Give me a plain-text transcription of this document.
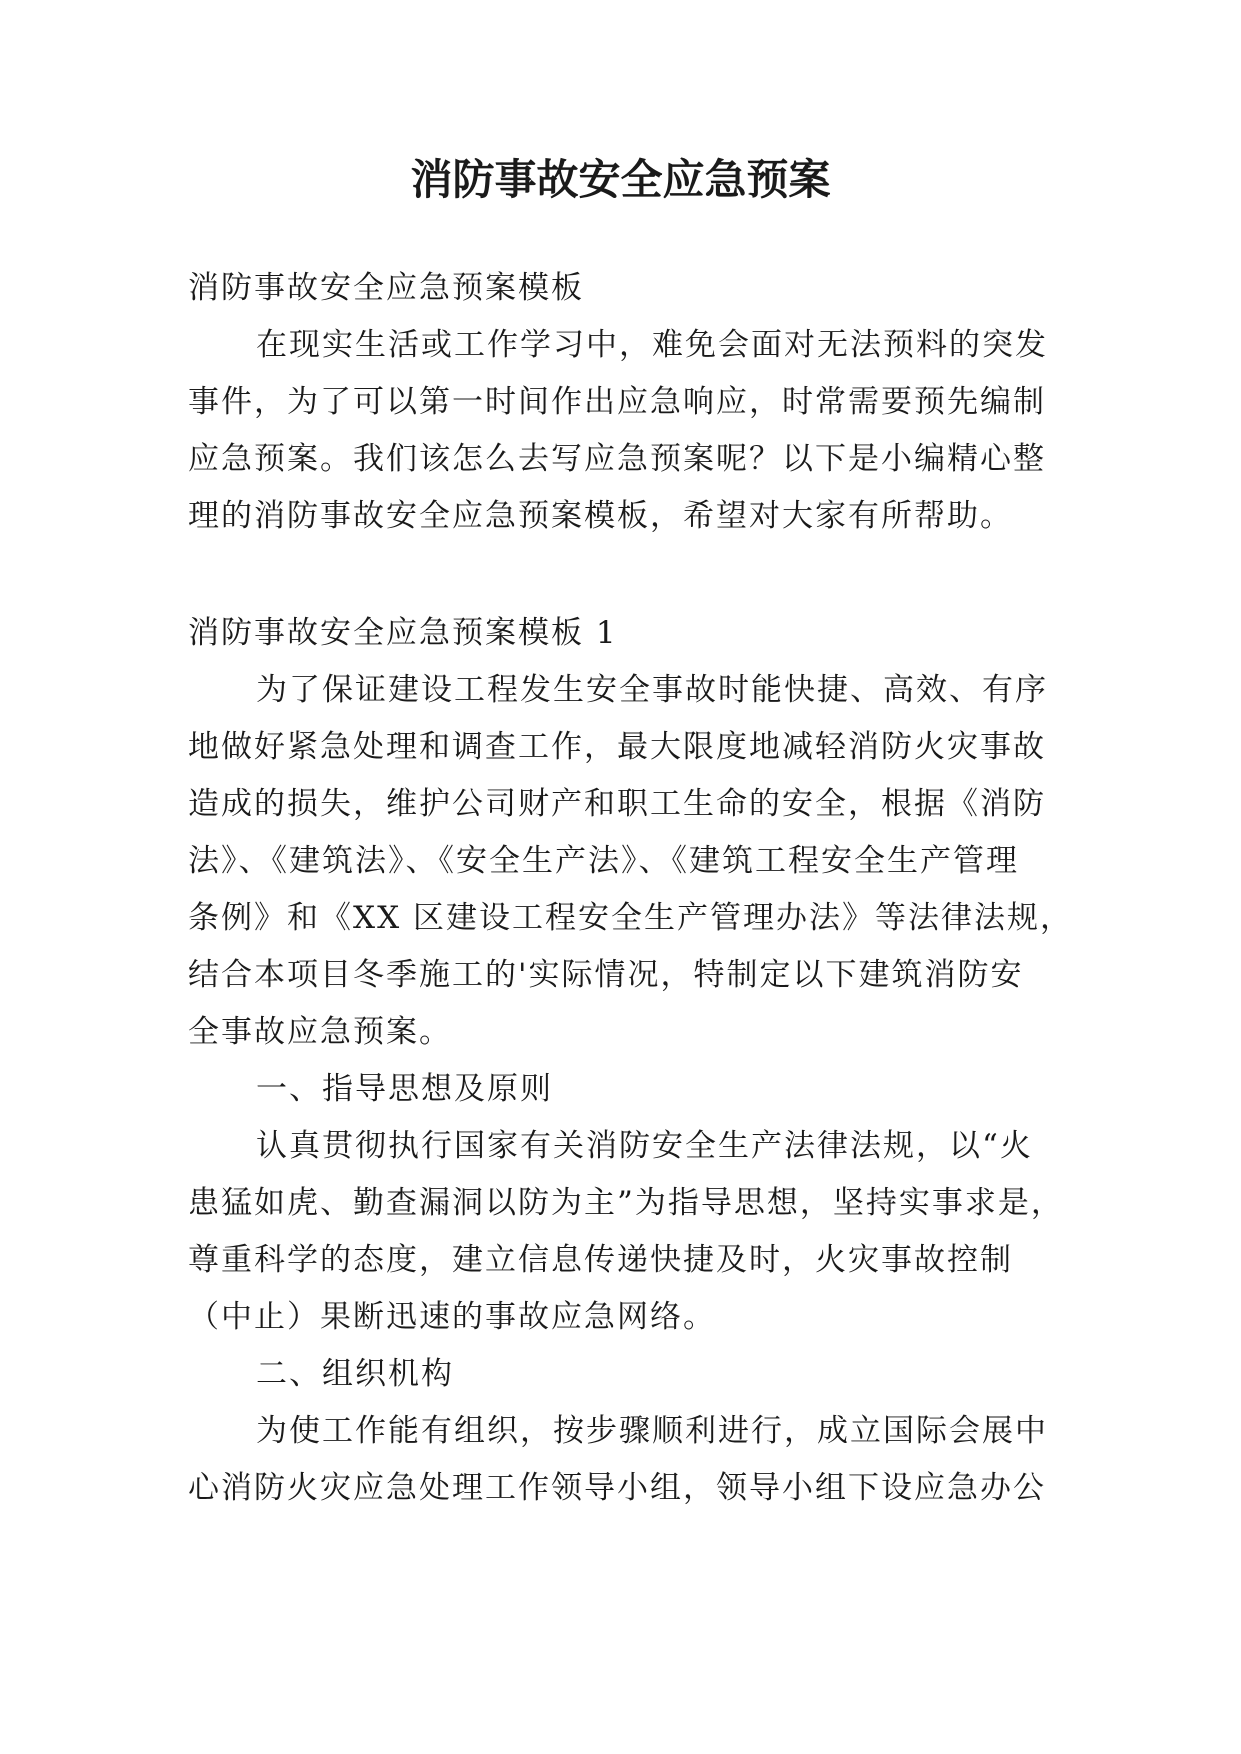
消防事故安全应急预案
消防事故安全应急预案模板
在现实生活或工作学习中，难免会面对无法预料的突发
事件，为了可以第一时间作出应急响应，时常需要预先编制
应急预案。我们该怎么去写应急预案呢？以下是小编精心整
理的消防事故安全应急预案模板，希望对大家有所帮助。
消防事故安全应急预案模板 1
为了保证建设工程发生安全事故时能快捷、高效、有序
地做好紧急处理和调查工作，最大限度地减轻消防火灾事故
造成的损失，维护公司财产和职工生命的安全，根据《消防
法》、《建筑法》、《安全生产法》、《建筑工程安全生产管理
条例》和《XX 区建设工程安全生产管理办法》等法律法规，
结合本项目冬季施工的'实际情况，特制定以下建筑消防安
全事故应急预案。
一、指导思想及原则
认真贯彻执行国家有关消防安全生产法律法规，以“火
患猛如虎、勤查漏洞以防为主”为指导思想，坚持实事求是，
尊重科学的态度，建立信息传递快捷及时，火灾事故控制
（中止）果断迅速的事故应急网络。
二、组织机构
为使工作能有组织，按步骤顺利进行，成立国际会展中
心消防火灾应急处理工作领导小组，领导小组下设应急办公
